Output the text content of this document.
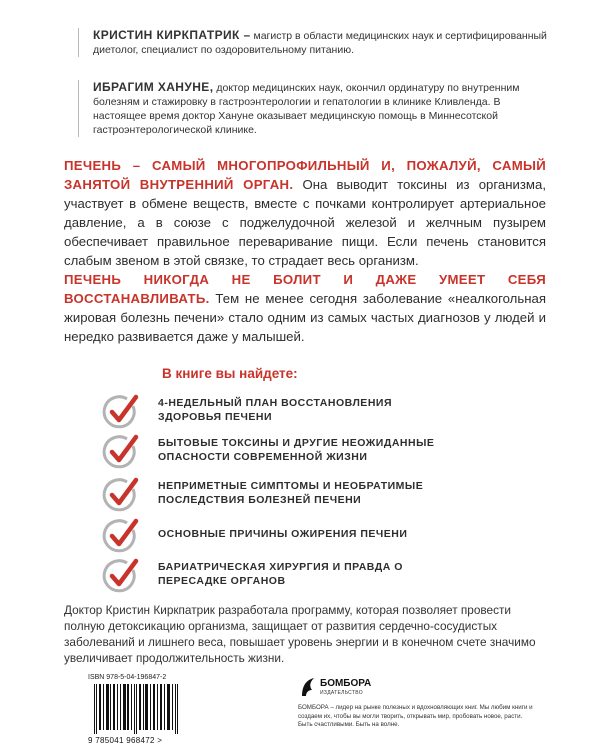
КРИСТИН КИРКПАТРИК – магистр в области медицинских наук и сертифицированный диетолог, специалист по оздоровительному питанию.
ИБРАГИМ ХАНУНЕ, доктор медицинских наук, окончил ординатуру по внутренним болезням и стажировку в гастроэнтерологии и гепатологии в клинике Кливленда. В настоящее время доктор Хануне оказывает медицинскую помощь в Миннесотской гастроэнтерологической клинике.
ПЕЧЕНЬ – САМЫЙ МНОГОПРОФИЛЬНЫЙ И, ПОЖАЛУЙ, САМЫЙ ЗАНЯТОЙ ВНУТРЕННИЙ ОРГАН. Она выводит токсины из организма, участвует в обмене веществ, вместе с почками контролирует артериальное давление, а в союзе с поджелудочной железой и желчным пузырем обеспечивает правильное переваривание пищи. Если печень становится слабым звеном в этой связке, то страдает весь организм.
ПЕЧЕНЬ НИКОГДА НЕ БОЛИТ И ДАЖЕ УМЕЕТ СЕБЯ ВОССТАНАВЛИВАТЬ. Тем не менее сегодня заболевание «неалкогольная жировая болезнь печени» стало одним из самых частых диагнозов у людей и нередко развивается даже у малышей.
В книге вы найдете:
4-НЕДЕЛЬНЫЙ ПЛАН ВОССТАНОВЛЕНИЯ ЗДОРОВЬЯ ПЕЧЕНИ
БЫТОВЫЕ ТОКСИНЫ И ДРУГИЕ НЕОЖИДАННЫЕ ОПАСНОСТИ СОВРЕМЕННОЙ ЖИЗНИ
НЕПРИМЕТНЫЕ СИМПТОМЫ И НЕОБРАТИМЫЕ ПОСЛЕДСТВИЯ БОЛЕЗНЕЙ ПЕЧЕНИ
ОСНОВНЫЕ ПРИЧИНЫ ОЖИРЕНИЯ ПЕЧЕНИ
БАРИАТРИЧЕСКАЯ ХИРУРГИЯ И ПРАВДА О ПЕРЕСАДКЕ ОРГАНОВ
Доктор Кристин Киркпатрик разработала программу, которая позволяет провести полную детоксикацию организма, защищает от развития сердечно-сосудистых заболеваний и лишнего веса, повышает уровень энергии и в конечном счете значимо увеличивает продолжительность жизни.
ISBN 978-5-04-196847-2
9 785041 968472 >
БОМБОРА
ИЗДАТЕЛЬСТВО
БОМБОРА – лидер на рынке полезных и вдохновляющих книг. Мы любим книги и создаем их, чтобы вы могли творить, открывать мир, пробовать новое, расти. Быть счастливыми. Быть на волне.
